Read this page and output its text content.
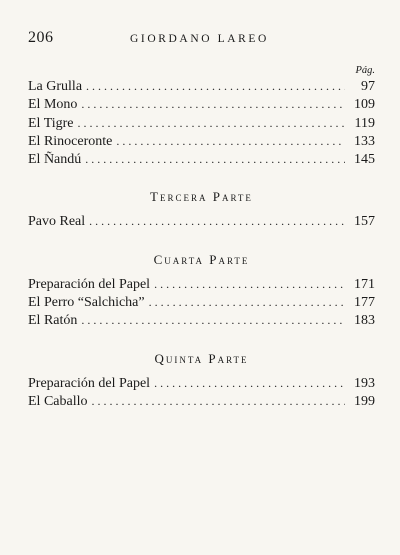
206	GIORDANO LAREO
Pág.
La Grulla . . .	97
El Mono . . .	109
El Tigre . . .	119
El Rinoceronte . . .	133
El Ñandú . . .	145
Tercera Parte
Pavo Real . . .	157
Cuarta Parte
Preparación del Papel . . .	171
El Perro “Salchicha” . . .	177
El Ratón . . .	183
Quinta Parte
Preparación del Papel . . .	193
El Caballo . . .	199
